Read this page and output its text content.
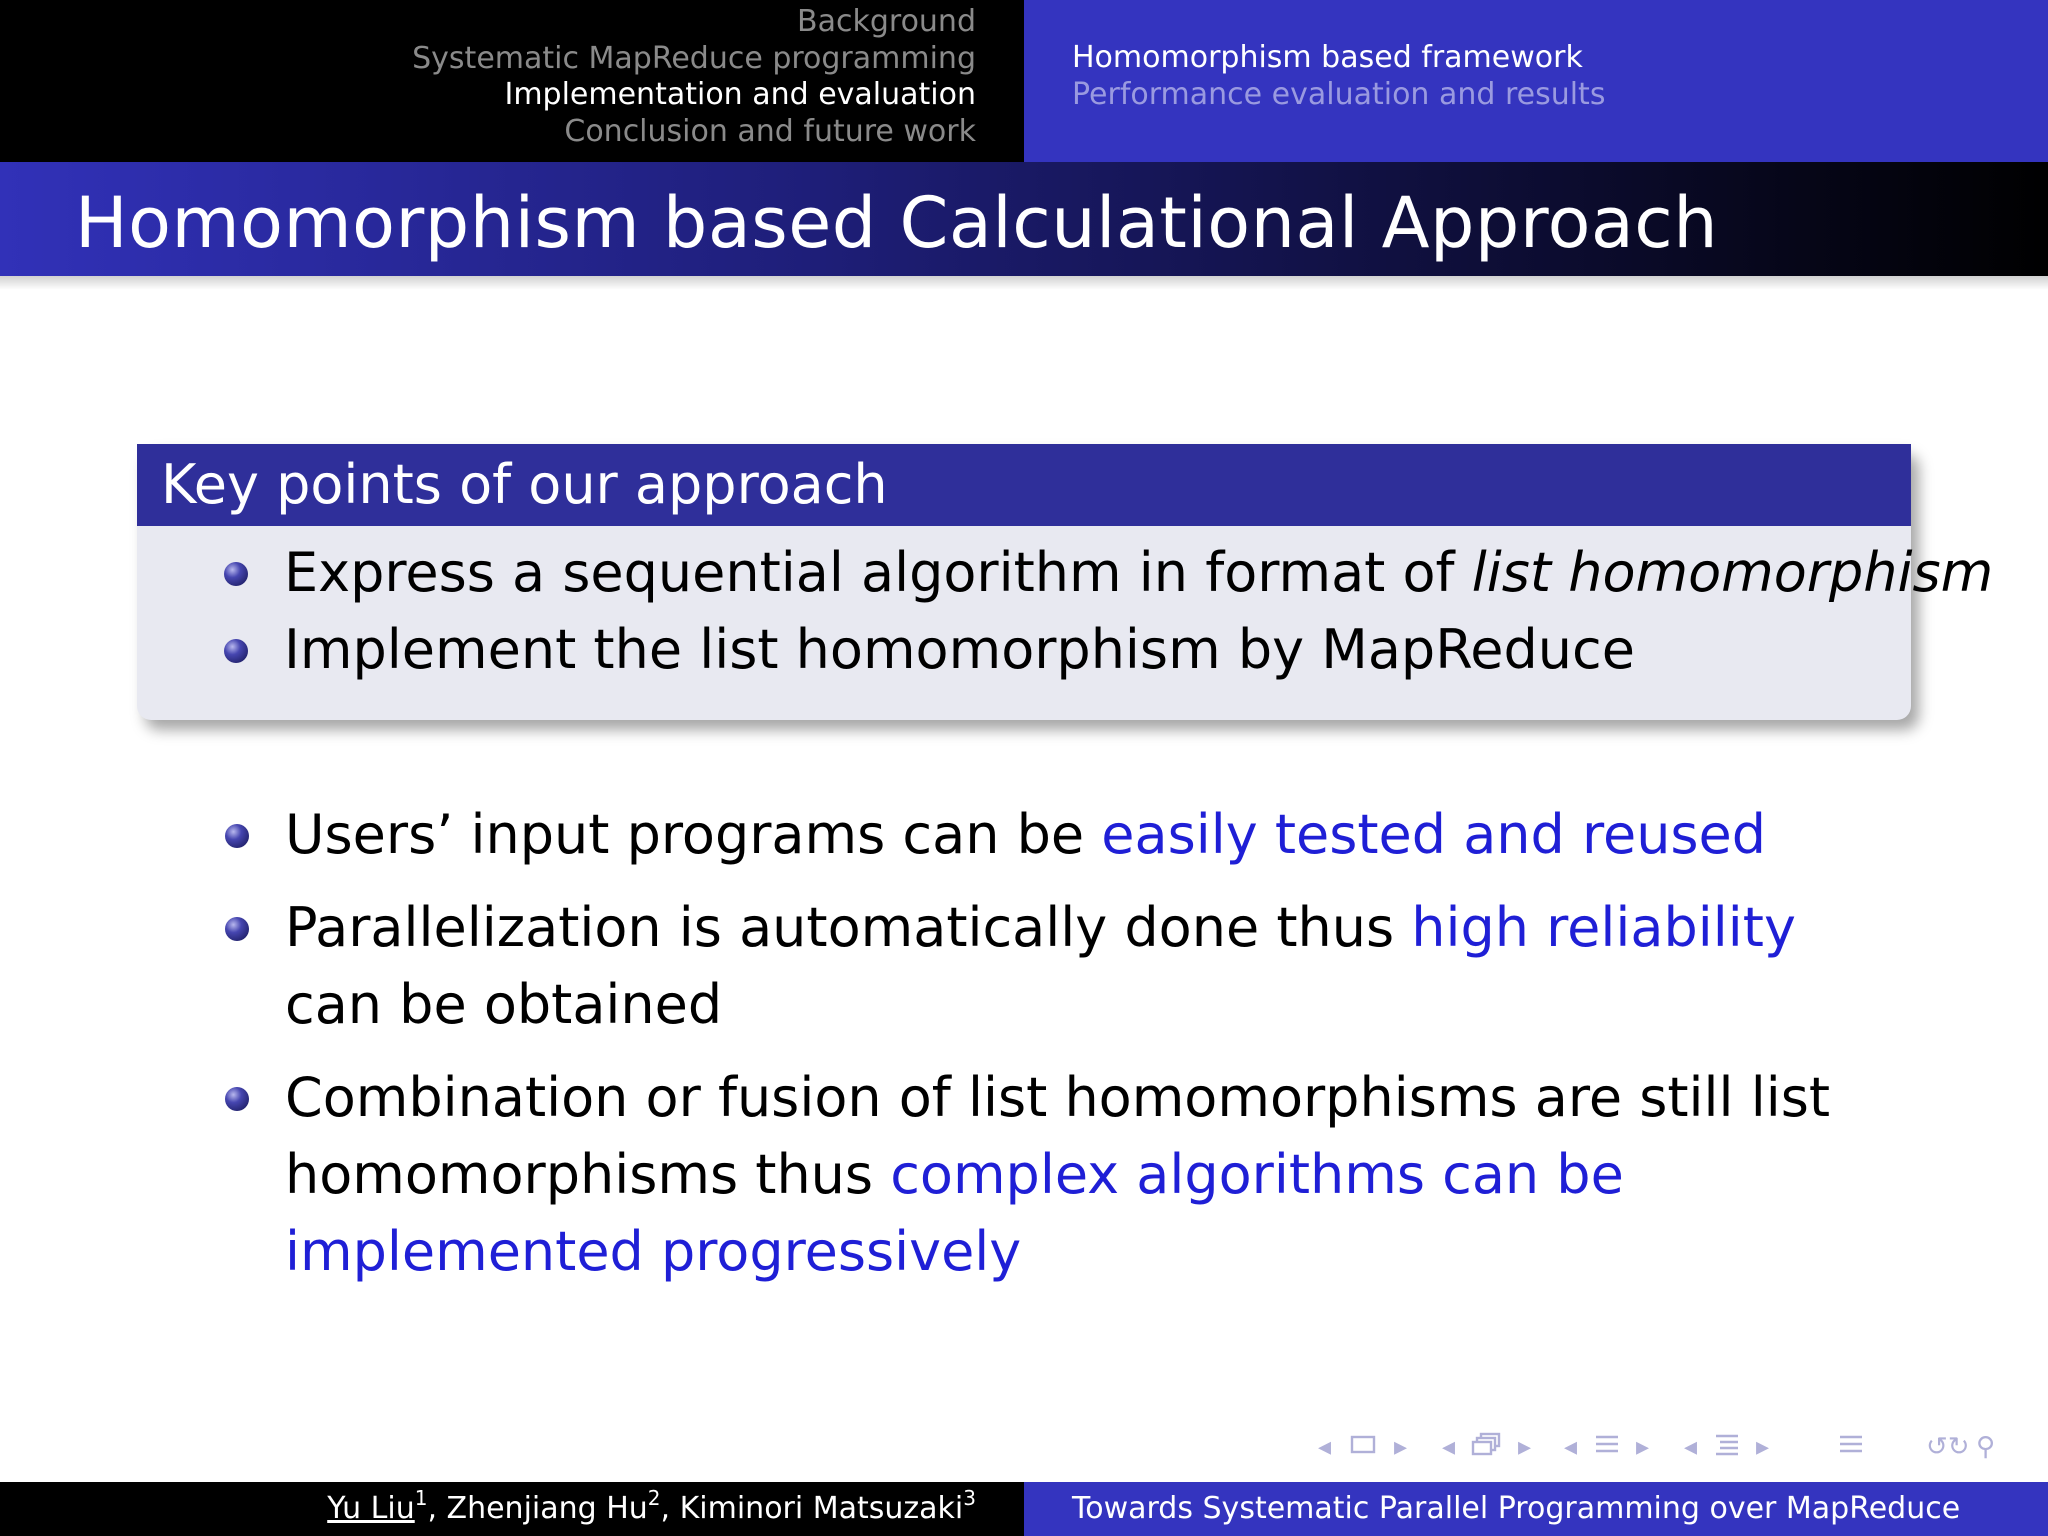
Background
Systematic MapReduce programming
Implementation and evaluation
Conclusion and future work
Homomorphism based framework
Performance evaluation and results
Homomorphism based Calculational Approach
Key points of our approach
Express a sequential algorithm in format of list homomorphism
Implement the list homomorphism by MapReduce
Users’ input programs can be easily tested and reused
Parallelization is automatically done thus high reliability can be obtained
Combination or fusion of list homomorphisms are still list homomorphisms thus complex algorithms can be implemented progressively
◂ ▸ ◂ ▸ ◂ ▸ ◂ ▸	↺↻ ⚲
Yu Liu$^1$, Zhenjiang Hu$^2$, Kiminori Matsuzaki$^3$	Towards Systematic Parallel Programming over MapReduce
